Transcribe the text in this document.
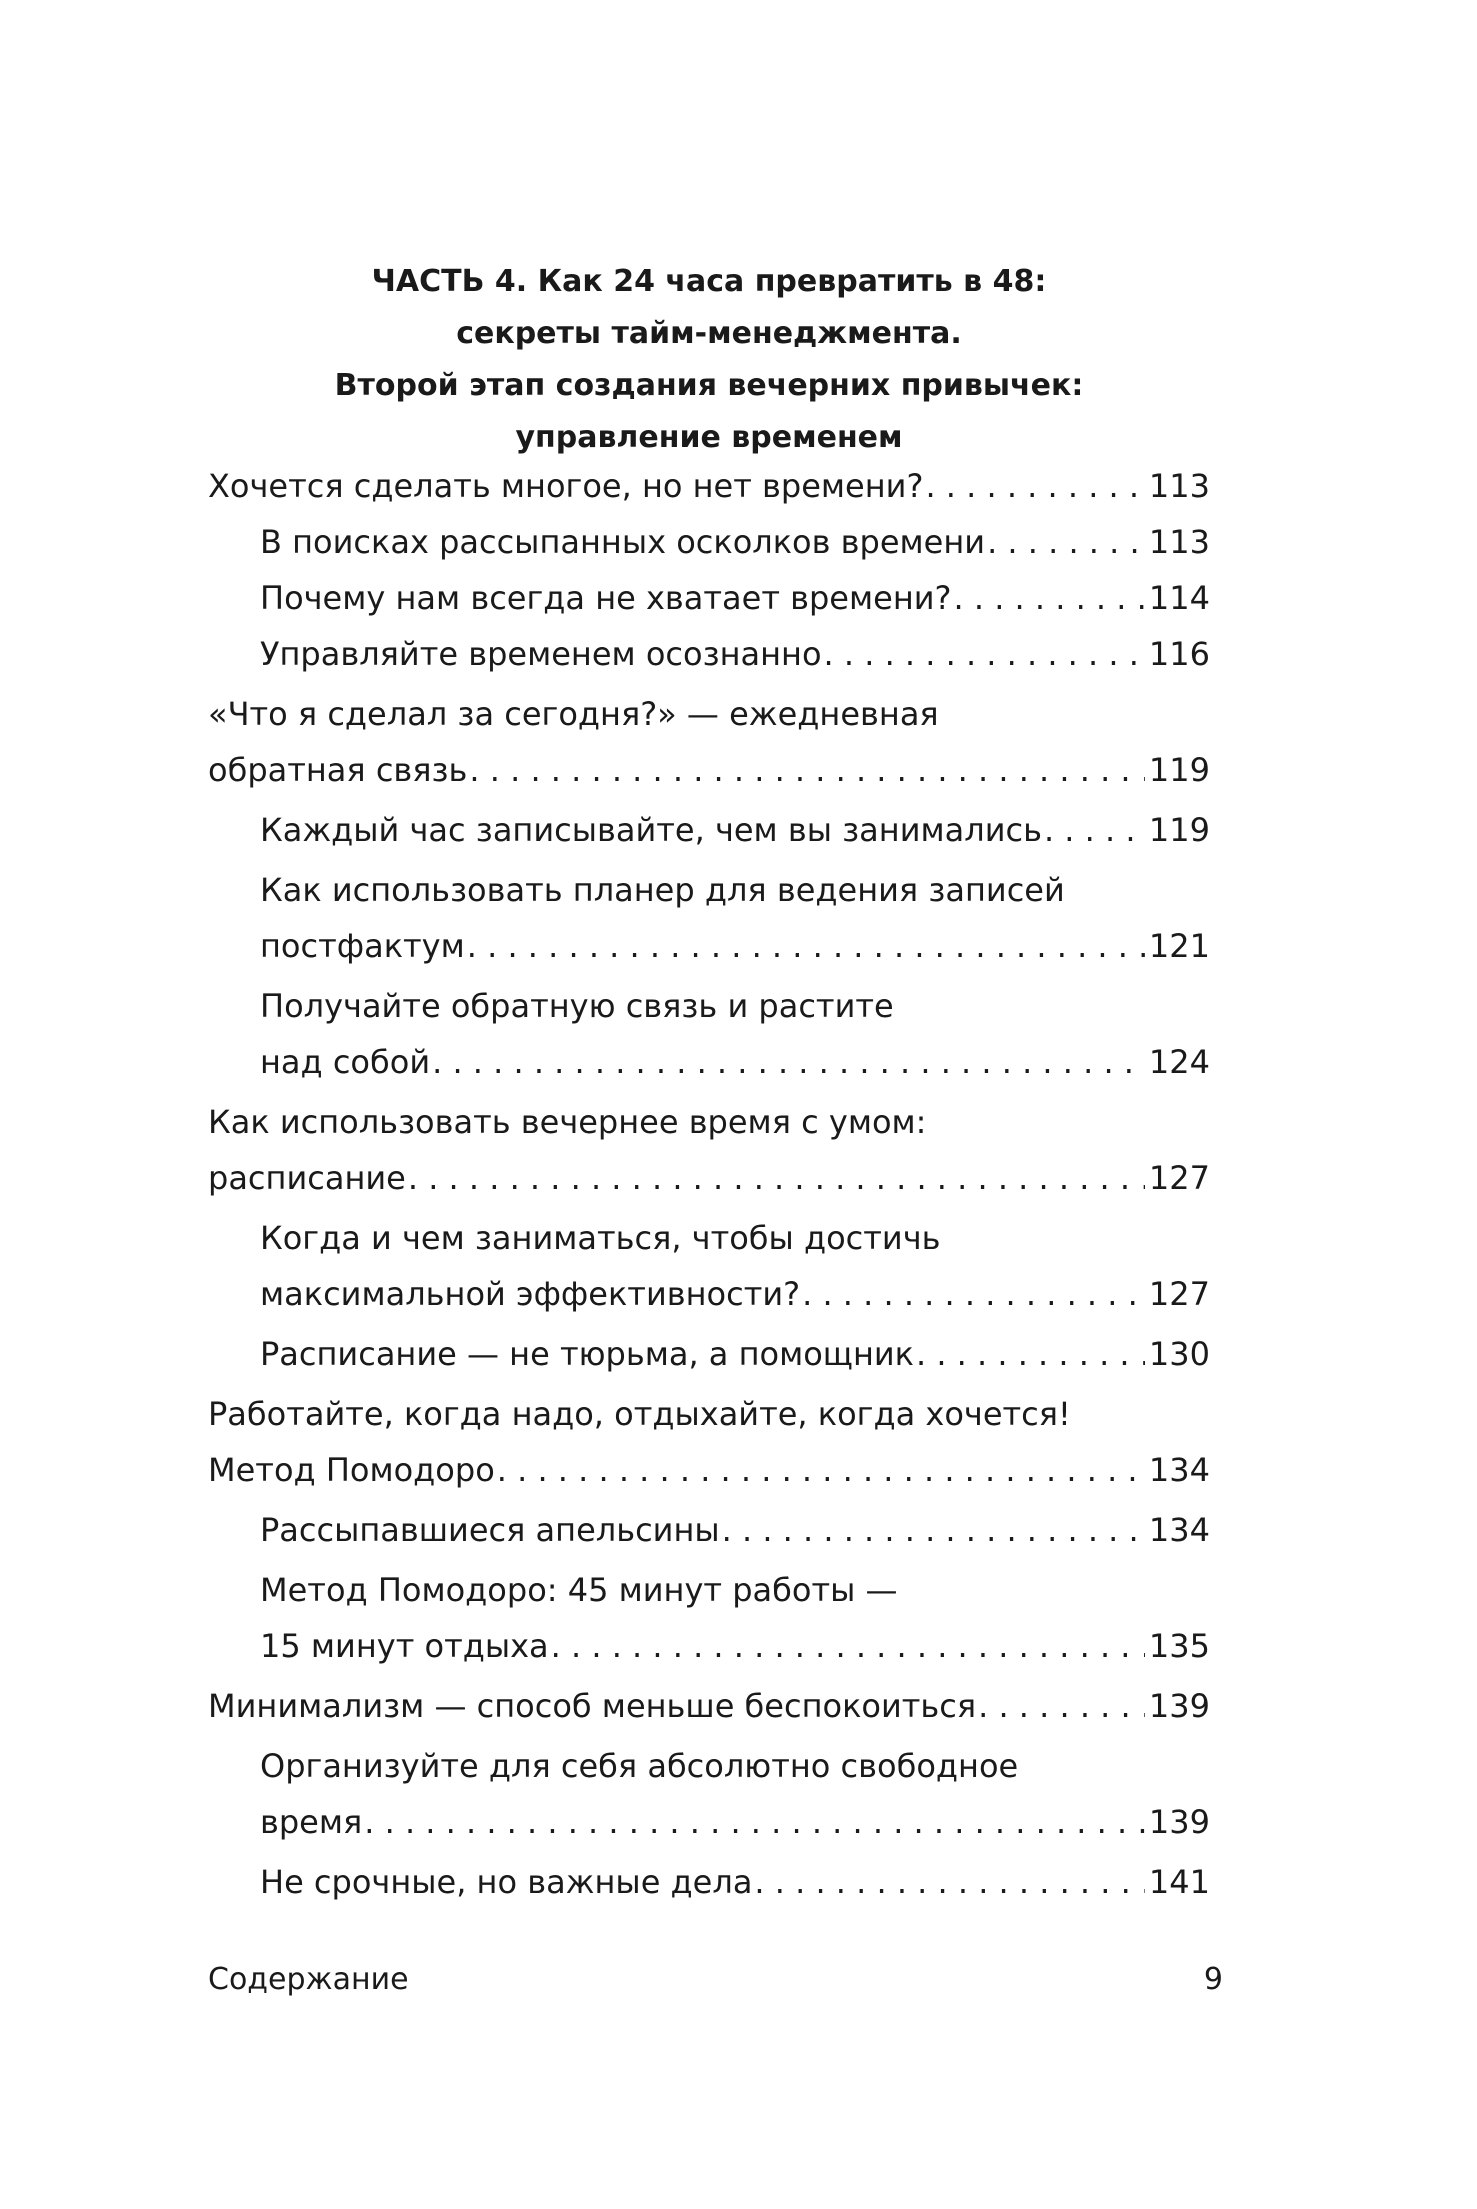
ЧАСТЬ 4. Как 24 часа превратить в 48:
секреты тайм-менеджмента.
Второй этап создания вечерних привычек:
управление временем
Хочется сделать многое, но нет времени? . . .	113
В поисках рассыпанных осколков времени . . .	113
Почему нам всегда не хватает времени? . . .	114
Управляйте временем осознанно . . .	116
«Что я сделал за сегодня?» — ежедневная
обратная связь . . .	119
Каждый час записывайте, чем вы занимались . . .	119
Как использовать планер для ведения записей
постфактум . . .	121
Получайте обратную связь и растите
над собой . . .	124
Как использовать вечернее время с умом:
расписание . . .	127
Когда и чем заниматься, чтобы достичь
максимальной эффективности? . . .	127
Расписание — не тюрьма, а помощник . . .	130
Работайте, когда надо, отдыхайте, когда хочется!
Метод Помодоро . . .	134
Рассыпавшиеся апельсины . . .	134
Метод Помодоро: 45 минут работы —
15 минут отдыха . . .	135
Минимализм — способ меньше беспокоиться . . .	139
Организуйте для себя абсолютно свободное
время . . .	139
Не срочные, но важные дела . . .	141
Содержание	9
